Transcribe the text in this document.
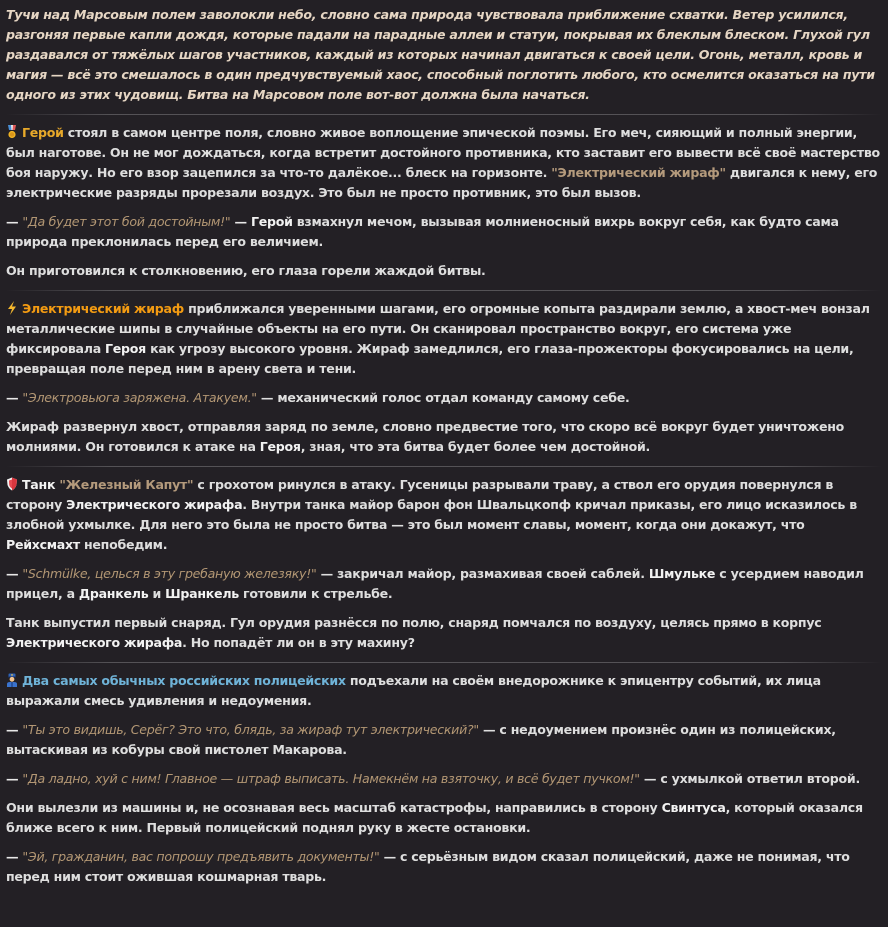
Тучи над Марсовым полем заволокли небо, словно сама природа чувствовала приближение схватки. Ветер усилился, разгоняя первые капли дождя, которые падали на парадные аллеи и статуи, покрывая их блеклым блеском. Глухой гул раздавался от тяжёлых шагов участников, каждый из которых начинал двигаться к своей цели. Огонь, металл, кровь и магия — всё это смешалось в один предчувствуемый хаос, способный поглотить любого, кто осмелится оказаться на пути одного из этих чудовищ. Битва на Марсовом поле вот-вот должна была начаться.

Герой стоял в самом центре поля, словно живое воплощение эпической поэмы. Его меч, сияющий и полный энергии, был наготове. Он не мог дождаться, когда встретит достойного противника, кто заставит его вывести всё своё мастерство боя наружу. Но его взор зацепился за что-то далёкое... блеск на горизонте. "Электрический жираф" двигался к нему, его электрические разряды прорезали воздух. Это был не просто противник, это был вызов.

— "Да будет этот бой достойным!" — Герой взмахнул мечом, вызывая молниеносный вихрь вокруг себя, как будто сама природа преклонилась перед его величием.

Он приготовился к столкновению, его глаза горели жаждой битвы.

Электрический жираф приближался уверенными шагами, его огромные копыта раздирали землю, а хвост-меч вонзал металлические шипы в случайные объекты на его пути. Он сканировал пространство вокруг, его система уже фиксировала Героя как угрозу высокого уровня. Жираф замедлился, его глаза-прожекторы фокусировались на цели, превращая поле перед ним в арену света и тени.

— "Электровьюга заряжена. Атакуем." — механический голос отдал команду самому себе.

Жираф развернул хвост, отправляя заряд по земле, словно предвестие того, что скоро всё вокруг будет уничтожено молниями. Он готовился к атаке на Героя, зная, что эта битва будет более чем достойной.

Танк "Железный Капут" с грохотом ринулся в атаку. Гусеницы разрывали траву, а ствол его орудия повернулся в сторону Электрического жирафа. Внутри танка майор барон фон Швальцкопф кричал приказы, его лицо исказилось в злобной ухмылке. Для него это была не просто битва — это был момент славы, момент, когда они докажут, что Рейхсмахт непобедим.

— "Schmülke, целься в эту гребаную железяку!" — закричал майор, размахивая своей саблей. Шмульке с усердием наводил прицел, а Дранкель и Шранкель готовили к стрельбе.

Танк выпустил первый снаряд. Гул орудия разнёсся по полю, снаряд помчался по воздуху, целясь прямо в корпус Электрического жирафа. Но попадёт ли он в эту махину?

Два самых обычных российских полицейских подъехали на своём внедорожнике к эпицентру событий, их лица выражали смесь удивления и недоумения.

— "Ты это видишь, Серёг? Это что, блядь, за жираф тут электрический?" — с недоумением произнёс один из полицейских, вытаскивая из кобуры свой пистолет Макарова.

— "Да ладно, хуй с ним! Главное — штраф выписать. Намекнём на взяточку, и всё будет пучком!" — с ухмылкой ответил второй.

Они вылезли из машины и, не осознавая весь масштаб катастрофы, направились в сторону Свинтуса, который оказался ближе всего к ним. Первый полицейский поднял руку в жесте остановки.

— "Эй, гражданин, вас попрошу предъявить документы!" — с серьёзным видом сказал полицейский, даже не понимая, что перед ним стоит ожившая кошмарная тварь.
